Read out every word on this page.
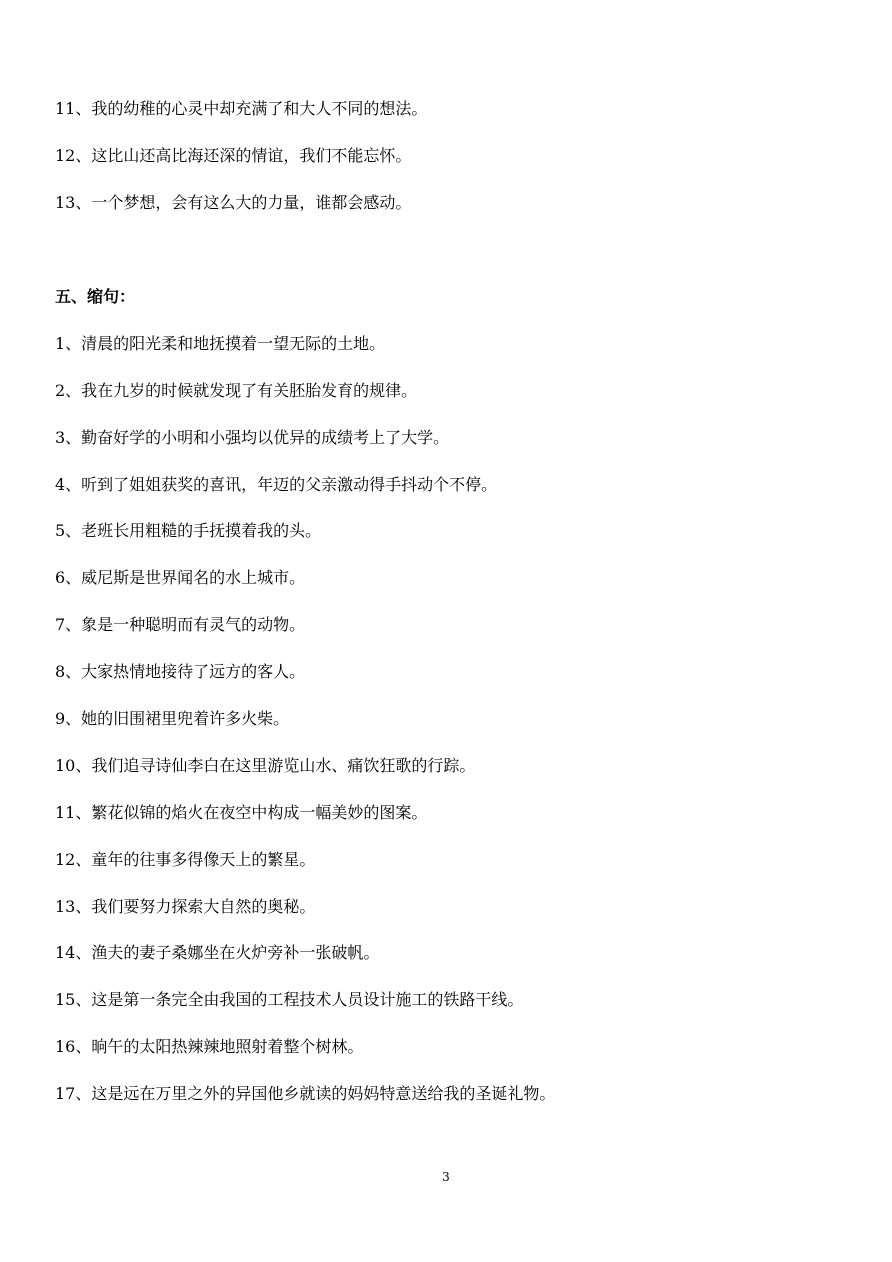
11、我的幼稚的心灵中却充满了和大人不同的想法。
12、这比山还高比海还深的情谊，我们不能忘怀。
13、一个梦想，会有这么大的力量，谁都会感动。
五、缩句：
1、清晨的阳光柔和地抚摸着一望无际的土地。
2、我在九岁的时候就发现了有关胚胎发育的规律。
3、勤奋好学的小明和小强均以优异的成绩考上了大学。
4、听到了姐姐获奖的喜讯，年迈的父亲激动得手抖动个不停。
5、老班长用粗糙的手抚摸着我的头。
6、威尼斯是世界闻名的水上城市。
7、象是一种聪明而有灵气的动物。
8、大家热情地接待了远方的客人。
9、她的旧围裙里兜着许多火柴。
10、我们追寻诗仙李白在这里游览山水、痛饮狂歌的行踪。
11、繁花似锦的焰火在夜空中构成一幅美妙的图案。
12、童年的往事多得像天上的繁星。
13、我们要努力探索大自然的奥秘。
14、渔夫的妻子桑娜坐在火炉旁补一张破帆。
15、这是第一条完全由我国的工程技术人员设计施工的铁路干线。
16、晌午的太阳热辣辣地照射着整个树林。
17、这是远在万里之外的异国他乡就读的妈妈特意送给我的圣诞礼物。
3
